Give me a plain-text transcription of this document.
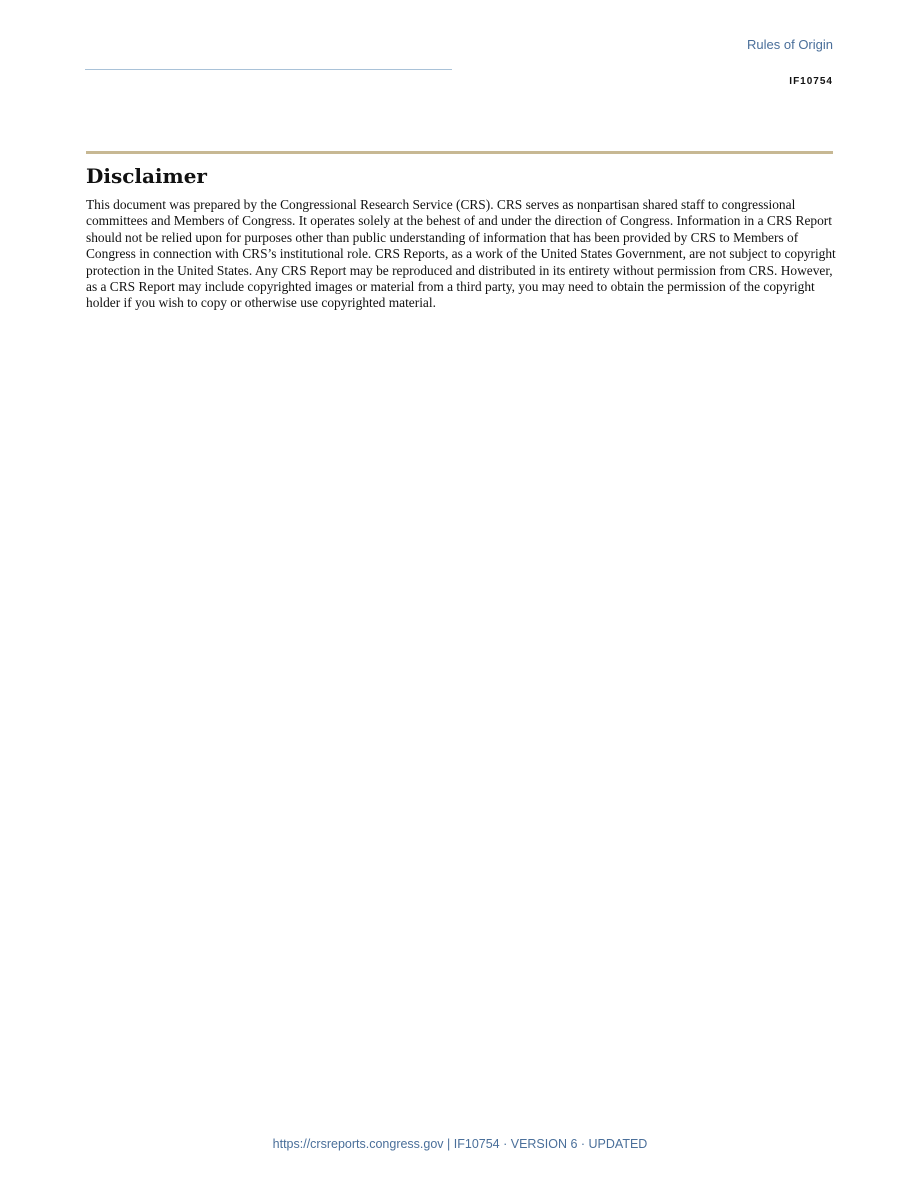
Rules of Origin
IF10754
Disclaimer

This document was prepared by the Congressional Research Service (CRS). CRS serves as nonpartisan shared staff to congressional committees and Members of Congress. It operates solely at the behest of and under the direction of Congress. Information in a CRS Report should not be relied upon for purposes other than public understanding of information that has been provided by CRS to Members of Congress in connection with CRS’s institutional role. CRS Reports, as a work of the United States Government, are not subject to copyright protection in the United States. Any CRS Report may be reproduced and distributed in its entirety without permission from CRS. However, as a CRS Report may include copyrighted images or material from a third party, you may need to obtain the permission of the copyright holder if you wish to copy or otherwise use copyrighted material.

https://crsreports.congress.gov | IF10754 · VERSION 6 · UPDATED
